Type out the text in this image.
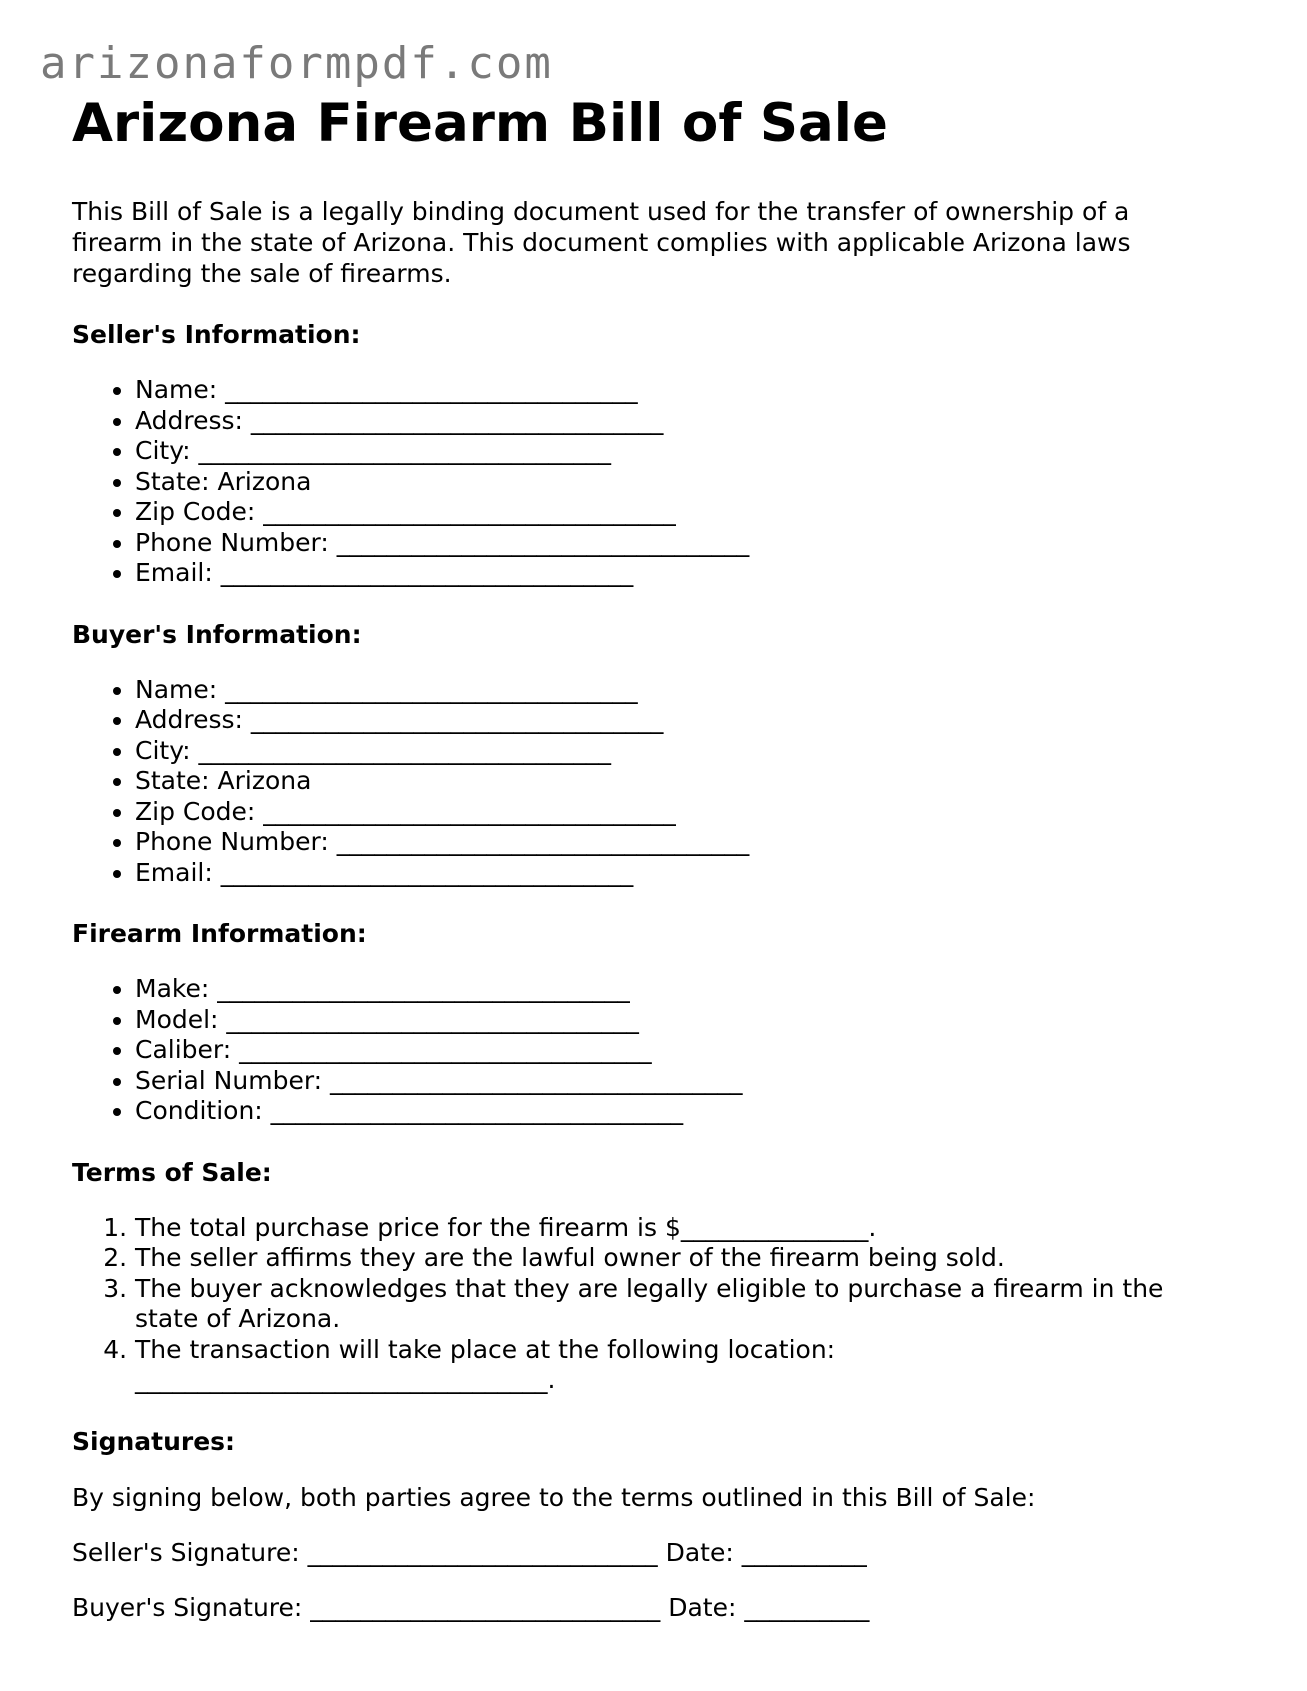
arizonaformpdf.com
Arizona Firearm Bill of Sale

This Bill of Sale is a legally binding document used for the transfer of ownership of a firearm in the state of Arizona. This document complies with applicable Arizona laws regarding the sale of firearms.

Seller's Information:
• Name: _________________________________
• Address: _________________________________
• City: _________________________________
• State: Arizona
• Zip Code: _________________________________
• Phone Number: _________________________________
• Email: _________________________________
Buyer's Information:
• Name: _________________________________
• Address: _________________________________
• City: _________________________________
• State: Arizona
• Zip Code: _________________________________
• Phone Number: _________________________________
• Email: _________________________________
Firearm Information:
• Make: _________________________________
• Model: _________________________________
• Caliber: _________________________________
• Serial Number: _________________________________
• Condition: _________________________________
Terms of Sale:
1. The total purchase price for the firearm is $_______________.
2. The seller affirms they are the lawful owner of the firearm being sold.
3. The buyer acknowledges that they are legally eligible to purchase a firearm in the state of Arizona.
4. The transaction will take place at the following location: _________________________________.
Signatures:

By signing below, both parties agree to the terms outlined in this Bill of Sale:

Seller's Signature: ____________________________ Date: __________

Buyer's Signature: ____________________________ Date: __________
